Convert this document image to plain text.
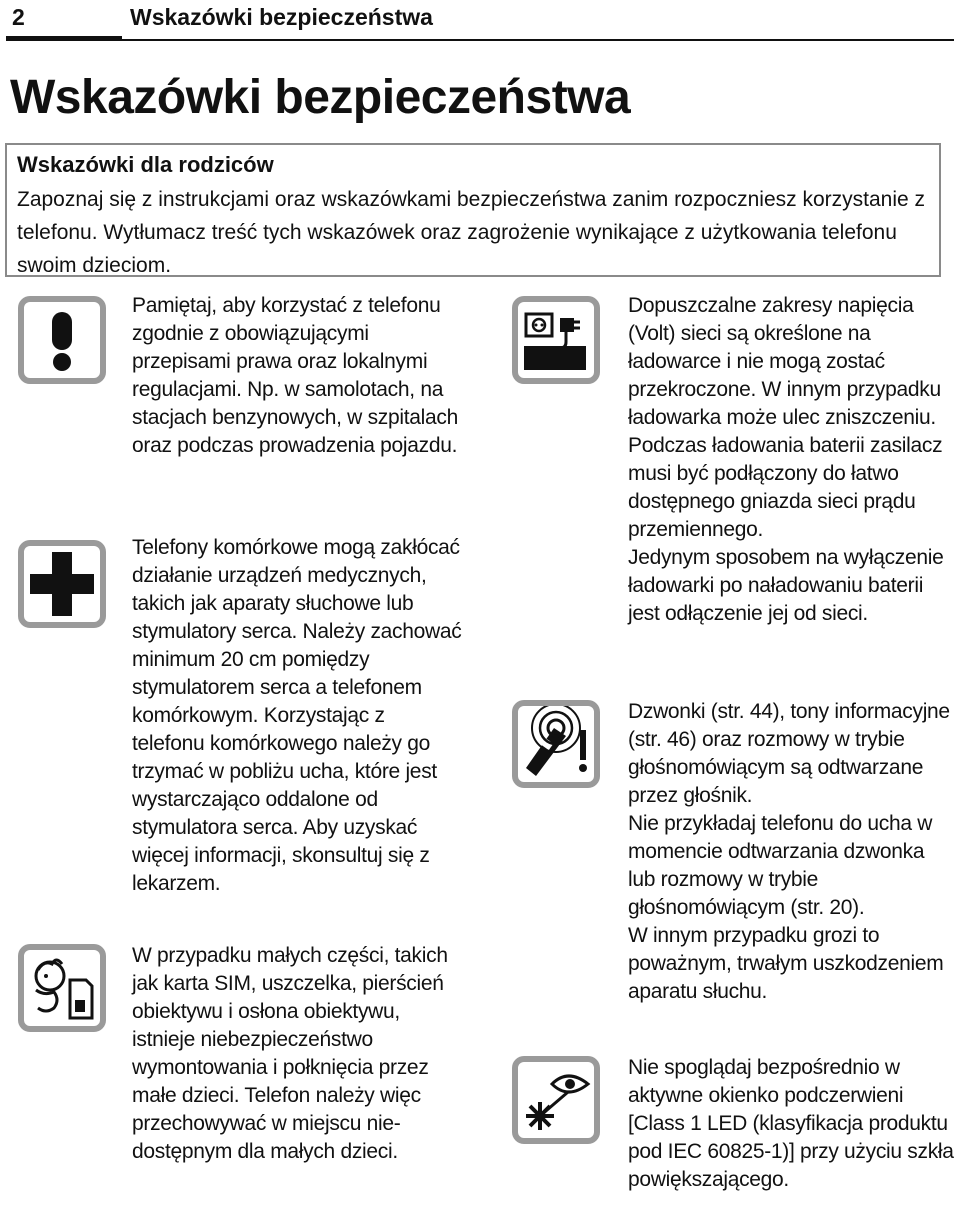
2	Wskazówki bezpieczeństwa
Wskazówki bezpieczeństwa

Wskazówki dla rodziców

Zapoznaj się z instrukcjami oraz wskazówkami bezpieczeństwa zanim rozpoczniesz korzystanie z telefonu. Wytłumacz treść tych wskazówek oraz zagrożenie wynikające z użytkowania telefonu swoim dzieciom.

Pamiętaj, aby korzystać z telefonu zgodnie z obowiązującymi przepisami prawa oraz lokalnymi regulacjami. Np. w samolotach, na stacjach benzynowych, w szpitalach oraz podczas prowadzenia pojazdu.

Telefony komórkowe mogą zakłócać działanie urządzeń medycznych, takich jak aparaty słuchowe lub stymulatory serca. Należy zachować minimum 20 cm pomiędzy stymulatorem serca a telefonem komórkowym. Korzystając z telefonu komórkowego należy go trzymać w pobliżu ucha, które jest wystarczająco oddalone od stymulatora serca. Aby uzyskać więcej informacji, skonsultuj się z lekarzem.

W przypadku małych części, takich jak karta SIM, uszczelka, pierścień obiektywu i osłona obiektywu, istnieje niebezpieczeństwo wymontowania i połknięcia przez małe dzieci. Telefon należy więc przechowywać w miejscu niedostępnym dla małych dzieci.

Dopuszczalne zakresy napięcia (Volt) sieci są określone na ładowarce i nie mogą zostać przekroczone. W innym przypadku ładowarka może ulec zniszczeniu.
Podczas ładowania baterii zasilacz musi być podłączony do łatwo dostępnego gniazda sieci prądu przemiennego.
Jedynym sposobem na wyłączenie ładowarki po naładowaniu baterii jest odłączenie jej od sieci.

Dzwonki (str. 44), tony informacyjne (str. 46) oraz rozmowy w trybie głośnomówiącym są odtwarzane przez głośnik.
Nie przykładaj telefonu do ucha w momencie odtwarzania dzwonka lub rozmowy w trybie głośnomówiącym (str. 20).
W innym przypadku grozi to poważnym, trwałym uszkodzeniem aparatu słuchu.

Nie spoglądaj bezpośrednio w aktywne okienko podczerwieni [Class 1 LED (klasyfikacja produktu pod IEC 60825-1)] przy użyciu szkła powiększającego.
